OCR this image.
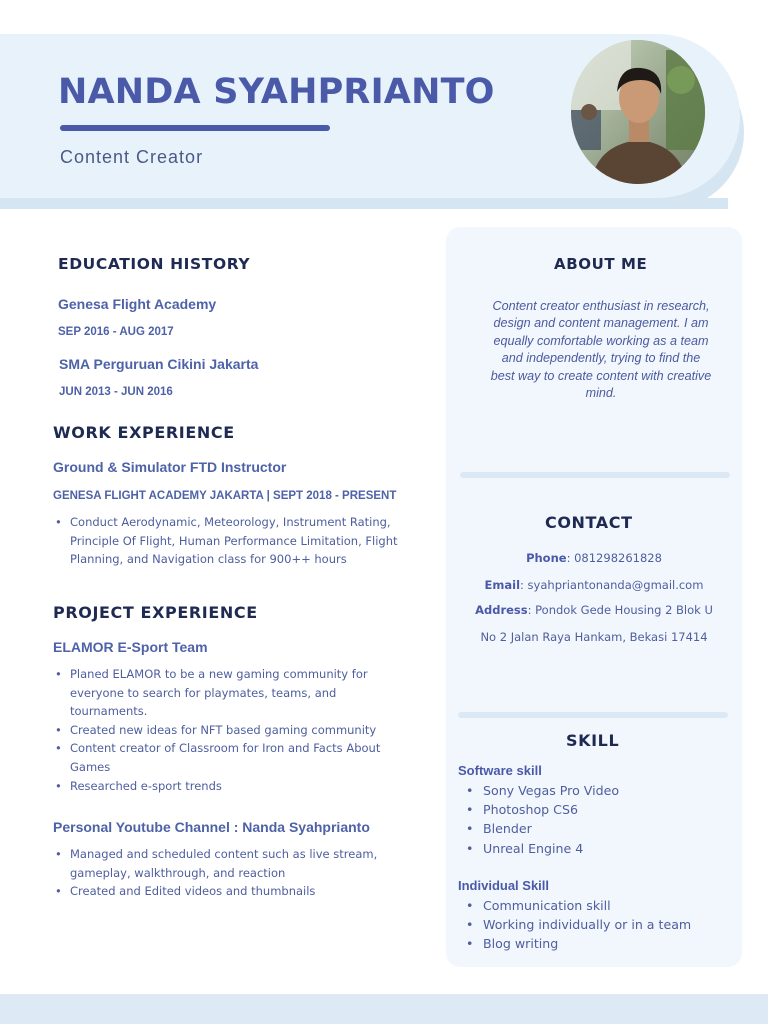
NANDA SYAHPRIANTO
Content Creator
ABOUT ME
Content creator enthusiast in research, design and content management. I am equally comfortable working as a team and independently, trying to find the best way to create content with creative mind.
CONTACT
Phone: 081298261828
Email: syahpriantonanda@gmail.com
Address: Pondok Gede Housing 2 Blok U
No 2 Jalan Raya Hankam, Bekasi 17414
SKILL
Software skill
• Sony Vegas Pro Video
• Photoshop CS6
• Blender
• Unreal Engine 4
Individual Skill
• Communication skill
• Working individually or in a team
• Blog writing
EDUCATION HISTORY
Genesa Flight Academy
SEP 2016 - AUG 2017
SMA Perguruan Cikini Jakarta
JUN 2013 - JUN 2016
WORK EXPERIENCE
Ground & Simulator FTD Instructor
GENESA FLIGHT ACADEMY JAKARTA | SEPT 2018 - PRESENT
• Conduct Aerodynamic, Meteorology, Instrument Rating, Principle Of Flight, Human Performance Limitation, Flight Planning, and Navigation class for 900++ hours
PROJECT EXPERIENCE
ELAMOR E-Sport Team
• Planed ELAMOR to be a new gaming community for everyone to search for playmates, teams, and tournaments.
• Created new ideas for NFT based gaming community
• Content creator of Classroom for Iron and Facts About Games
• Researched e-sport trends
Personal Youtube Channel : Nanda Syahprianto
• Managed and scheduled content such as live stream, gameplay, walkthrough, and reaction
• Created and Edited videos and thumbnails
